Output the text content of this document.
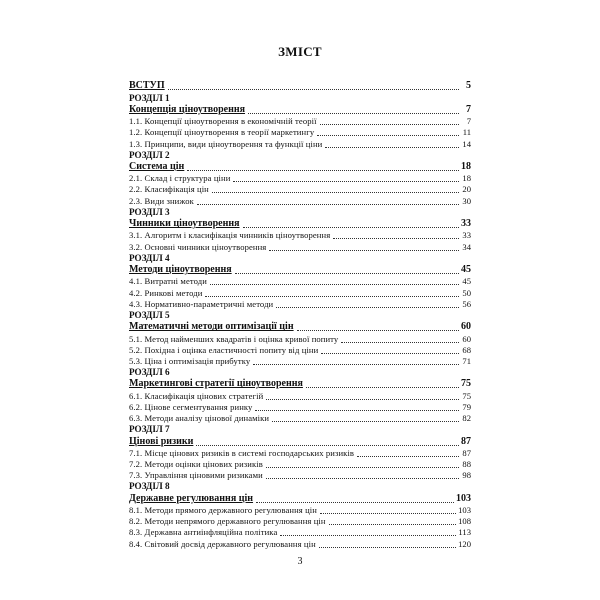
ЗМІСТ
ВСТУП	5
РОЗДІЛ 1
Концепція ціноутворення	7
1.1. Концепції ціноутворення в економічній теорії	7
1.2. Концепції ціноутворення в теорії маркетингу	11
1.3. Принципи, види ціноутворення та функції ціни	14
РОЗДІЛ 2
Система цін	18
2.1. Склад і структура ціни	18
2.2. Класифікація цін	20
2.3. Види знижок	30
РОЗДІЛ 3
Чинники ціноутворення	33
3.1. Алгоритм і класифікація чинників ціноутворення	33
3.2. Основні чинники ціноутворення	34
РОЗДІЛ 4
Методи ціноутворення	45
4.1. Витратні методи	45
4.2. Ринкові методи	50
4.3. Нормативно-параметричні методи	56
РОЗДІЛ 5
Математичні методи оптимізації цін	60
5.1. Метод найменших квадратів і оцінка кривої попиту	60
5.2. Похідна і оцінка еластичності попиту від ціни	68
5.3. Ціна і оптимізація прибутку	71
РОЗДІЛ 6
Маркетингові стратегії ціноутворення	75
6.1. Класифікація цінових стратегій	75
6.2. Цінове сегментування ринку	79
6.3. Методи аналізу цінової динаміки	82
РОЗДІЛ 7
Цінові ризики	87
7.1. Місце цінових ризиків в системі господарських ризиків	87
7.2. Методи оцінки цінових ризиків	88
7.3. Управління ціновими ризиками	98
РОЗДІЛ 8
Державне регулювання цін	103
8.1. Методи прямого державного регулювання цін	103
8.2. Методи непрямого державного регулювання цін	108
8.3. Державна антиінфляційна політика	113
8.4. Світовий досвід державного регулювання цін	120
3
